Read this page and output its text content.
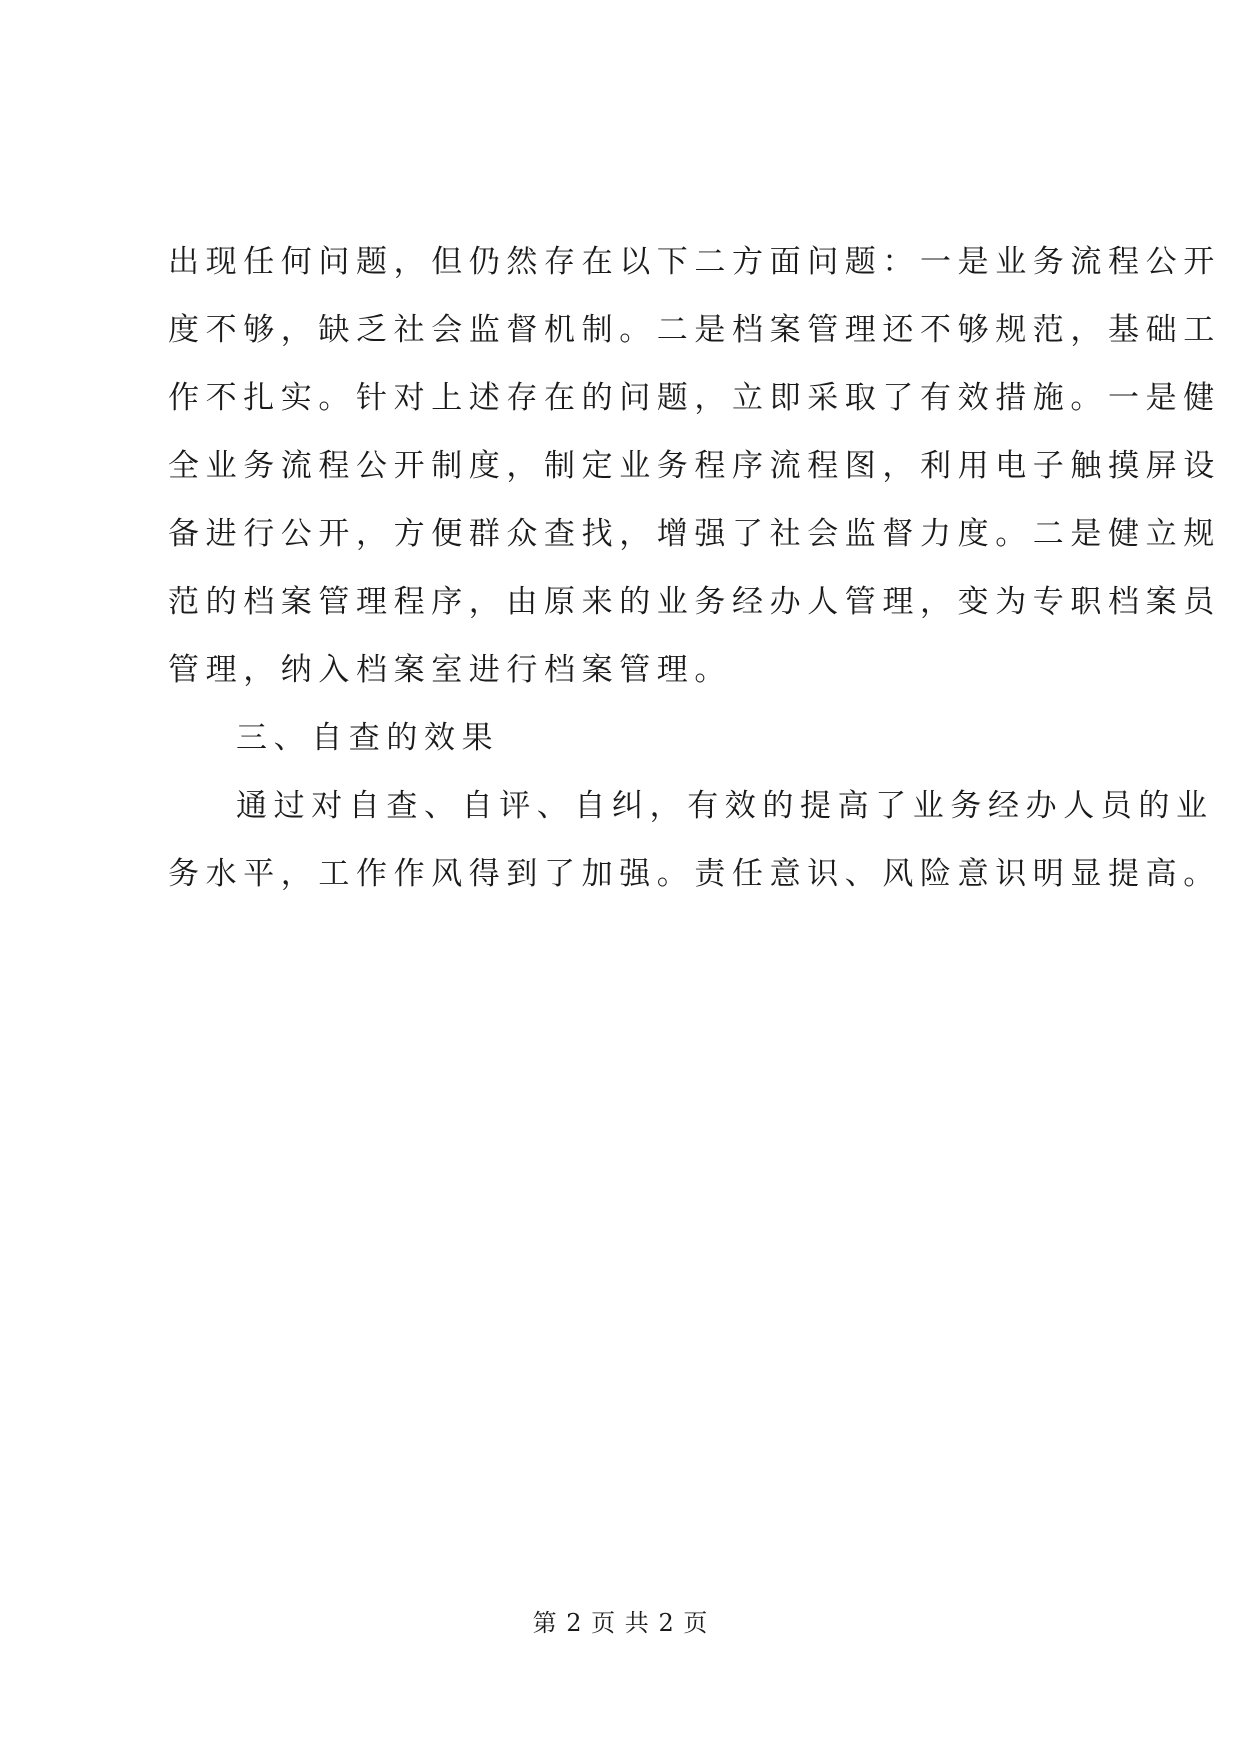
出现任何问题，但仍然存在以下二方面问题：一是业务流程公开
度不够，缺乏社会监督机制。二是档案管理还不够规范，基础工
作不扎实。针对上述存在的问题，立即采取了有效措施。一是健
全业务流程公开制度，制定业务程序流程图，利用电子触摸屏设
备进行公开，方便群众查找，增强了社会监督力度。二是健立规
范的档案管理程序，由原来的业务经办人管理，变为专职档案员
管理，纳入档案室进行档案管理。
三、自查的效果
通过对自查、自评、自纠，有效的提高了业务经办人员的业
务水平，工作作风得到了加强。责任意识、风险意识明显提高。
第 2 页 共 2 页
